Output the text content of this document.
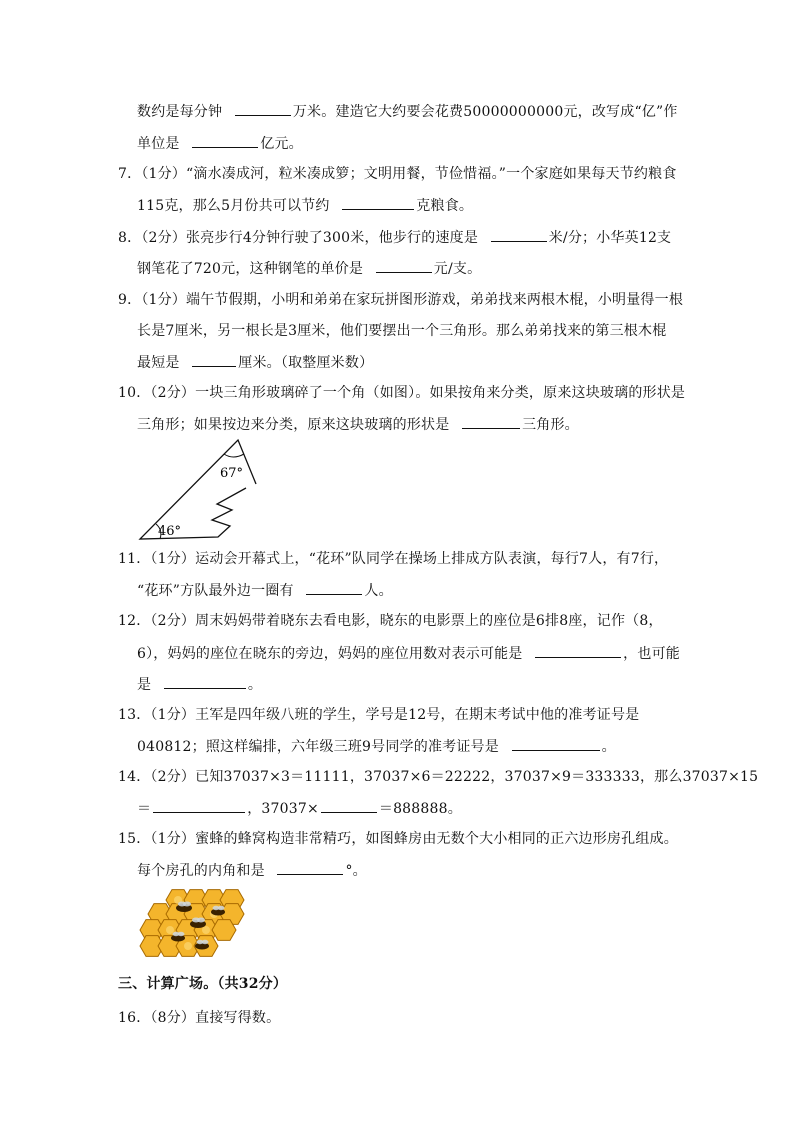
数约是每分钟	万米。建造它大约要会花费50000000000元，改写成“亿”作
单位是	亿元。
7．（1分）“滴水凑成河，粒米凑成箩；文明用餐，节俭惜福。”一个家庭如果每天节约粮食
115克，那么5月份共可以节约	克粮食。
8．（2分）张亮步行4分钟行驶了300米，他步行的速度是	米/分；小华英12支
钢笔花了720元，这种钢笔的单价是	元/支。
9．（1分）端午节假期，小明和弟弟在家玩拼图形游戏，弟弟找来两根木棍，小明量得一根
长是7厘米，另一根长是3厘米，他们要摆出一个三角形。那么弟弟找来的第三根木棍
最短是	厘米。（取整厘米数）
10．（2分）一块三角形玻璃碎了一个角（如图）。如果按角来分类，原来这块玻璃的形状是
三角形；如果按边来分类，原来这块玻璃的形状是	三角形。
67°
46°
11．（1分）运动会开幕式上，“花环”队同学在操场上排成方队表演，每行7人，有7行，
“花环”方队最外边一圈有	人。
12．（2分）周末妈妈带着晓东去看电影，晓东的电影票上的座位是6排8座，记作（8，
6），妈妈的座位在晓东的旁边，妈妈的座位用数对表示可能是	，也可能
是	。
13．（1分）王军是四年级八班的学生，学号是12号，在期末考试中他的准考证号是
040812；照这样编排，六年级三班9号同学的准考证号是	。
14．（2分）已知37037×3＝11111，37037×6＝22222，37037×9＝333333，那么37037×15
＝	，37037×	＝888888。
15．（1分）蜜蜂的蜂窝构造非常精巧，如图蜂房由无数个大小相同的正六边形房孔组成。
每个房孔的内角和是	°。
三、计算广场。（共32分）
16．（8分）直接写得数。
